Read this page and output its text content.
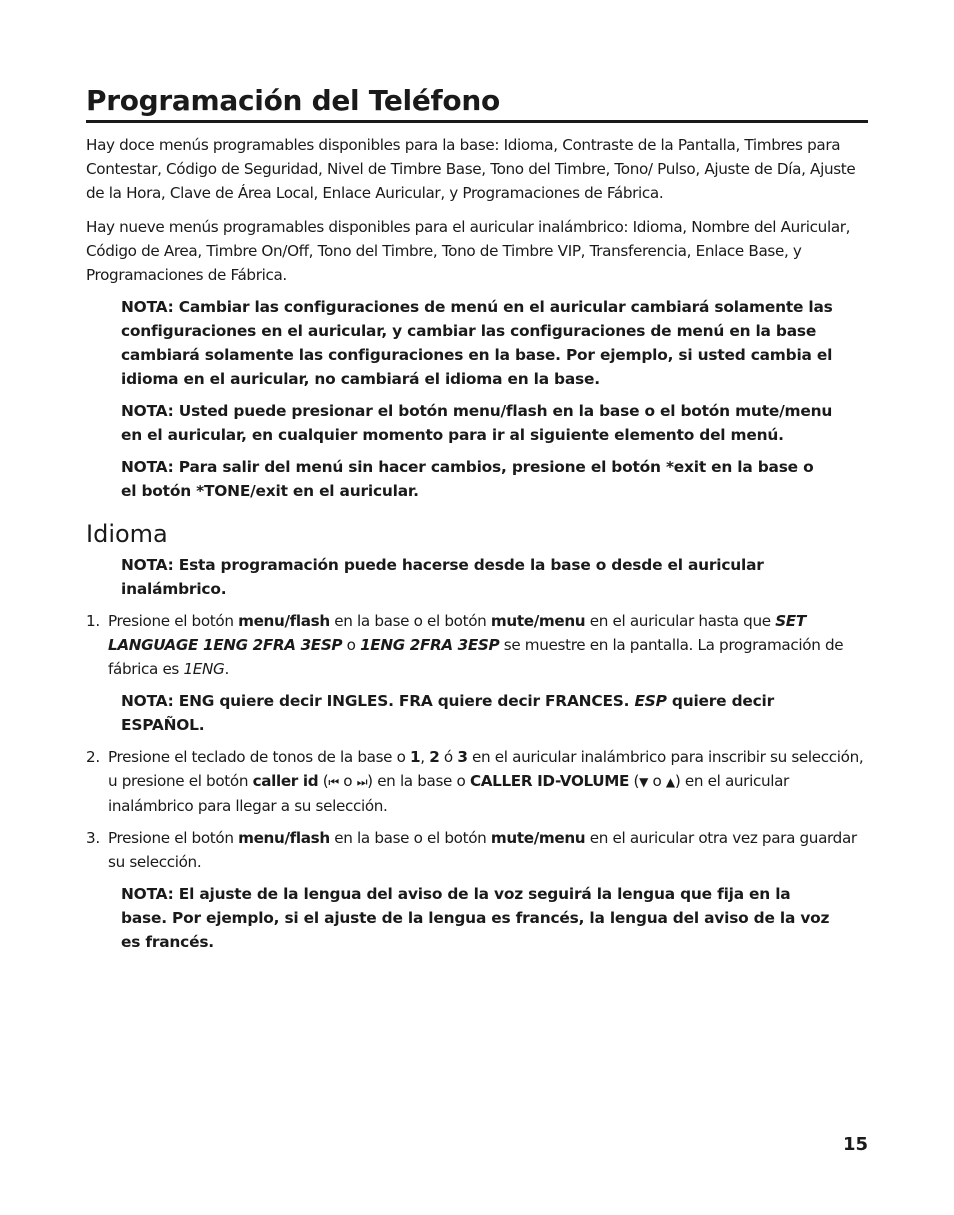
Programación del Teléfono

Hay doce menús programables disponibles para la base: Idioma, Contraste de la Pantalla, Timbres para Contestar, Código de Seguridad, Nivel de Timbre Base, Tono del Timbre, Tono/ Pulso, Ajuste de Día, Ajuste de la Hora, Clave de Área Local, Enlace Auricular, y Programaciones de Fábrica.

Hay nueve menús programables disponibles para el auricular inalámbrico: Idioma, Nombre del Auricular, Código de Area, Timbre On/Off, Tono del Timbre, Tono de Timbre VIP, Transferencia, Enlace Base, y Programaciones de Fábrica.

NOTA: Cambiar las configuraciones de menú en el auricular cambiará solamente las configuraciones en el auricular, y cambiar las configuraciones de menú en la base cambiará solamente las configuraciones en la base. Por ejemplo, si usted cambia el idioma en el auricular, no cambiará el idioma en la base.

NOTA: Usted puede presionar el botón menu/flash en la base o el botón mute/menu en el auricular, en cualquier momento para ir al siguiente elemento del menú.

NOTA: Para salir del menú sin hacer cambios, presione el botón *exit en la base o el botón *TONE/exit en el auricular.

Idioma

NOTA: Esta programación puede hacerse desde la base o desde el auricular inalámbrico.

1. Presione el botón menu/flash en la base o el botón mute/menu en el auricular hasta que SET LANGUAGE 1ENG 2FRA 3ESP o 1ENG 2FRA 3ESP se muestre en la pantalla. La programación de fábrica es 1ENG.

NOTA: ENG quiere decir INGLES. FRA quiere decir FRANCES. ESP quiere decir ESPAÑOL.

2. Presione el teclado de tonos de la base o 1, 2 ó 3 en el auricular inalámbrico para inscribir su selección, u presione el botón caller id (⏮ o ⏭) en la base o CALLER ID-VOLUME (▼ o ▲) en el auricular inalámbrico para llegar a su selección.
3. Presione el botón menu/flash en la base o el botón mute/menu en el auricular otra vez para guardar su selección.

NOTA: El ajuste de la lengua del aviso de la voz seguirá la lengua que fija en la base. Por ejemplo, si el ajuste de la lengua es francés, la lengua del aviso de la voz es francés.

15
